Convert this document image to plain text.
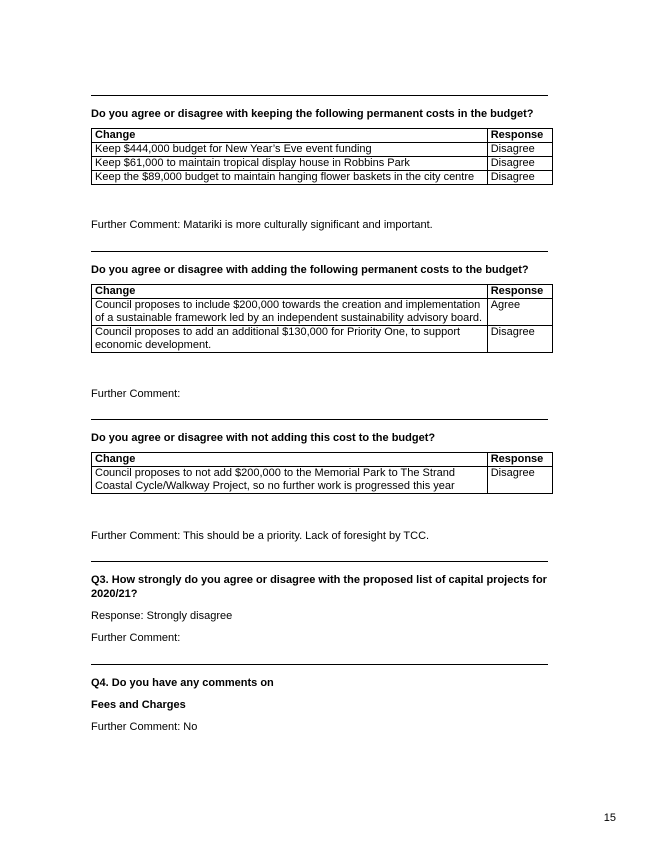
Do you agree or disagree with keeping the following permanent costs in the budget?
Change	Response
Keep $444,000 budget for New Year’s Eve event funding	Disagree
Keep $61,000 to maintain tropical display house in Robbins Park	Disagree
Keep the $89,000 budget to maintain hanging flower baskets in the city centre	Disagree
Further Comment: Matariki is more culturally significant and important.
Do you agree or disagree with adding the following permanent costs to the budget?
Change	Response
Council proposes to include $200,000 towards the creation and implementation of a sustainable framework led by an independent sustainability advisory board.	Agree
Council proposes to add an additional $130,000 for Priority One, to support economic development.	Disagree
Further Comment:
Do you agree or disagree with not adding this cost to the budget?
Change	Response
Council proposes to not add $200,000 to the Memorial Park to The Strand Coastal Cycle/Walkway Project, so no further work is progressed this year	Disagree
Further Comment: This should be a priority. Lack of foresight by TCC.
Q3. How strongly do you agree or disagree with the proposed list of capital projects for 2020/21?
Response: Strongly disagree
Further Comment:
Q4. Do you have any comments on
Fees and Charges
Further Comment: No
15
